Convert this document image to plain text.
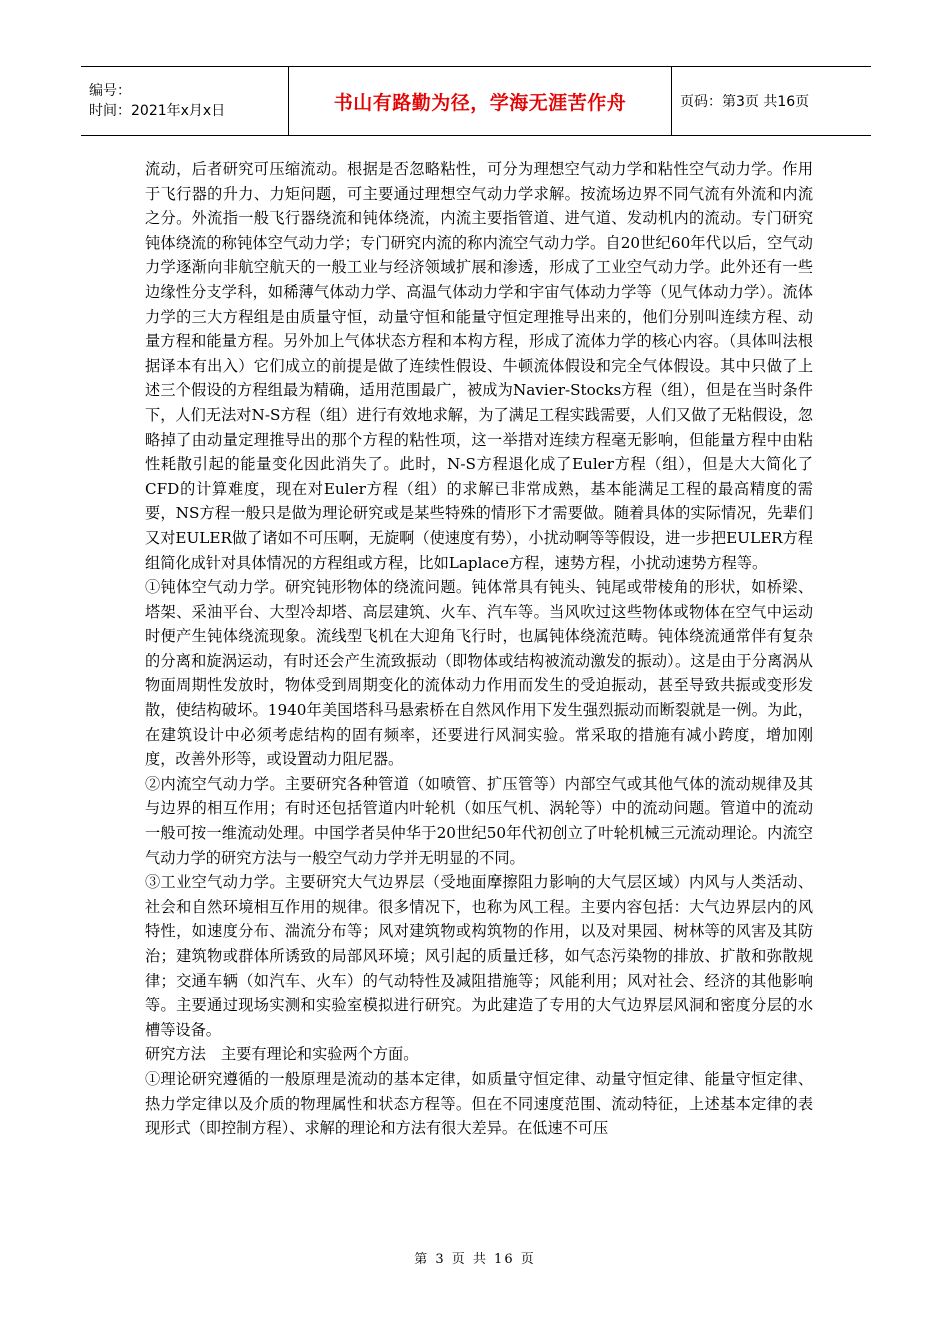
编号：
时间：2021年x月x日	书山有路勤为径，学海无涯苦作舟	页码：第3页 共16页

流动，后者研究可压缩流动。根据是否忽略粘性，可分为理想空气动力学和粘性空气动力学。作用于飞行器的升力、力矩问题，可主要通过理想空气动力学求解。按流场边界不同气流有外流和内流之分。外流指一般飞行器绕流和钝体绕流，内流主要指管道、进气道、发动机内的流动。专门研究钝体绕流的称钝体空气动力学；专门研究内流的称内流空气动力学。自20世纪60年代以后，空气动力学逐渐向非航空航天的一般工业与经济领域扩展和渗透，形成了工业空气动力学。此外还有一些边缘性分支学科，如稀薄气体动力学、高温气体动力学和宇宙气体动力学等（见气体动力学）。流体力学的三大方程组是由质量守恒，动量守恒和能量守恒定理推导出来的，他们分别叫连续方程、动量方程和能量方程。另外加上气体状态方程和本构方程，形成了流体力学的核心内容。（具体叫法根据译本有出入）它们成立的前提是做了连续性假设、牛顿流体假设和完全气体假设。其中只做了上述三个假设的方程组最为精确，适用范围最广，被成为Navier-Stocks方程（组），但是在当时条件下，人们无法对N-S方程（组）进行有效地求解，为了满足工程实践需要，人们又做了无粘假设，忽略掉了由动量定理推导出的那个方程的粘性项，这一举措对连续方程毫无影响，但能量方程中由粘性耗散引起的能量变化因此消失了。此时，N-S方程退化成了Euler方程（组），但是大大简化了CFD的计算难度，现在对Euler方程（组）的求解已非常成熟，基本能满足工程的最高精度的需要，NS方程一般只是做为理论研究或是某些特殊的情形下才需要做。随着具体的实际情况，先辈们又对EULER做了诸如不可压啊，无旋啊（使速度有势），小扰动啊等等假设，进一步把EULER方程组简化成针对具体情况的方程组或方程，比如Laplace方程，速势方程，小扰动速势方程等。

①钝体空气动力学。研究钝形物体的绕流问题。钝体常具有钝头、钝尾或带棱角的形状，如桥梁、塔架、采油平台、大型冷却塔、高层建筑、火车、汽车等。当风吹过这些物体或物体在空气中运动时便产生钝体绕流现象。流线型飞机在大迎角飞行时，也属钝体绕流范畴。钝体绕流通常伴有复杂的分离和旋涡运动，有时还会产生流致振动（即物体或结构被流动激发的振动）。这是由于分离涡从物面周期性发放时，物体受到周期变化的流体动力作用而发生的受迫振动，甚至导致共振或变形发散，使结构破坏。1940年美国塔科马悬索桥在自然风作用下发生强烈振动而断裂就是一例。为此，在建筑设计中必须考虑结构的固有频率，还要进行风洞实验。常采取的措施有减小跨度，增加刚度，改善外形等，或设置动力阻尼器。

②内流空气动力学。主要研究各种管道（如喷管、扩压管等）内部空气或其他气体的流动规律及其与边界的相互作用；有时还包括管道内叶轮机（如压气机、涡轮等）中的流动问题。管道中的流动一般可按一维流动处理。中国学者吴仲华于20世纪50年代初创立了叶轮机械三元流动理论。内流空气动力学的研究方法与一般空气动力学并无明显的不同。

③工业空气动力学。主要研究大气边界层（受地面摩擦阻力影响的大气层区域）内风与人类活动、社会和自然环境相互作用的规律。很多情况下，也称为风工程。主要内容包括：大气边界层内的风特性，如速度分布、湍流分布等；风对建筑物或构筑物的作用，以及对果园、树林等的风害及其防治；建筑物或群体所诱致的局部风环境；风引起的质量迁移，如气态污染物的排放、扩散和弥散规律；交通车辆（如汽车、火车）的气动特性及减阻措施等；风能利用；风对社会、经济的其他影响等。主要通过现场实测和实验室模拟进行研究。为此建造了专用的大气边界层风洞和密度分层的水槽等设备。

研究方法　主要有理论和实验两个方面。

①理论研究遵循的一般原理是流动的基本定律，如质量守恒定律、动量守恒定律、能量守恒定律、热力学定律以及介质的物理属性和状态方程等。但在不同速度范围、流动特征，上述基本定律的表现形式（即控制方程）、求解的理论和方法有很大差异。在低速不可压

第 3 页 共 16 页
